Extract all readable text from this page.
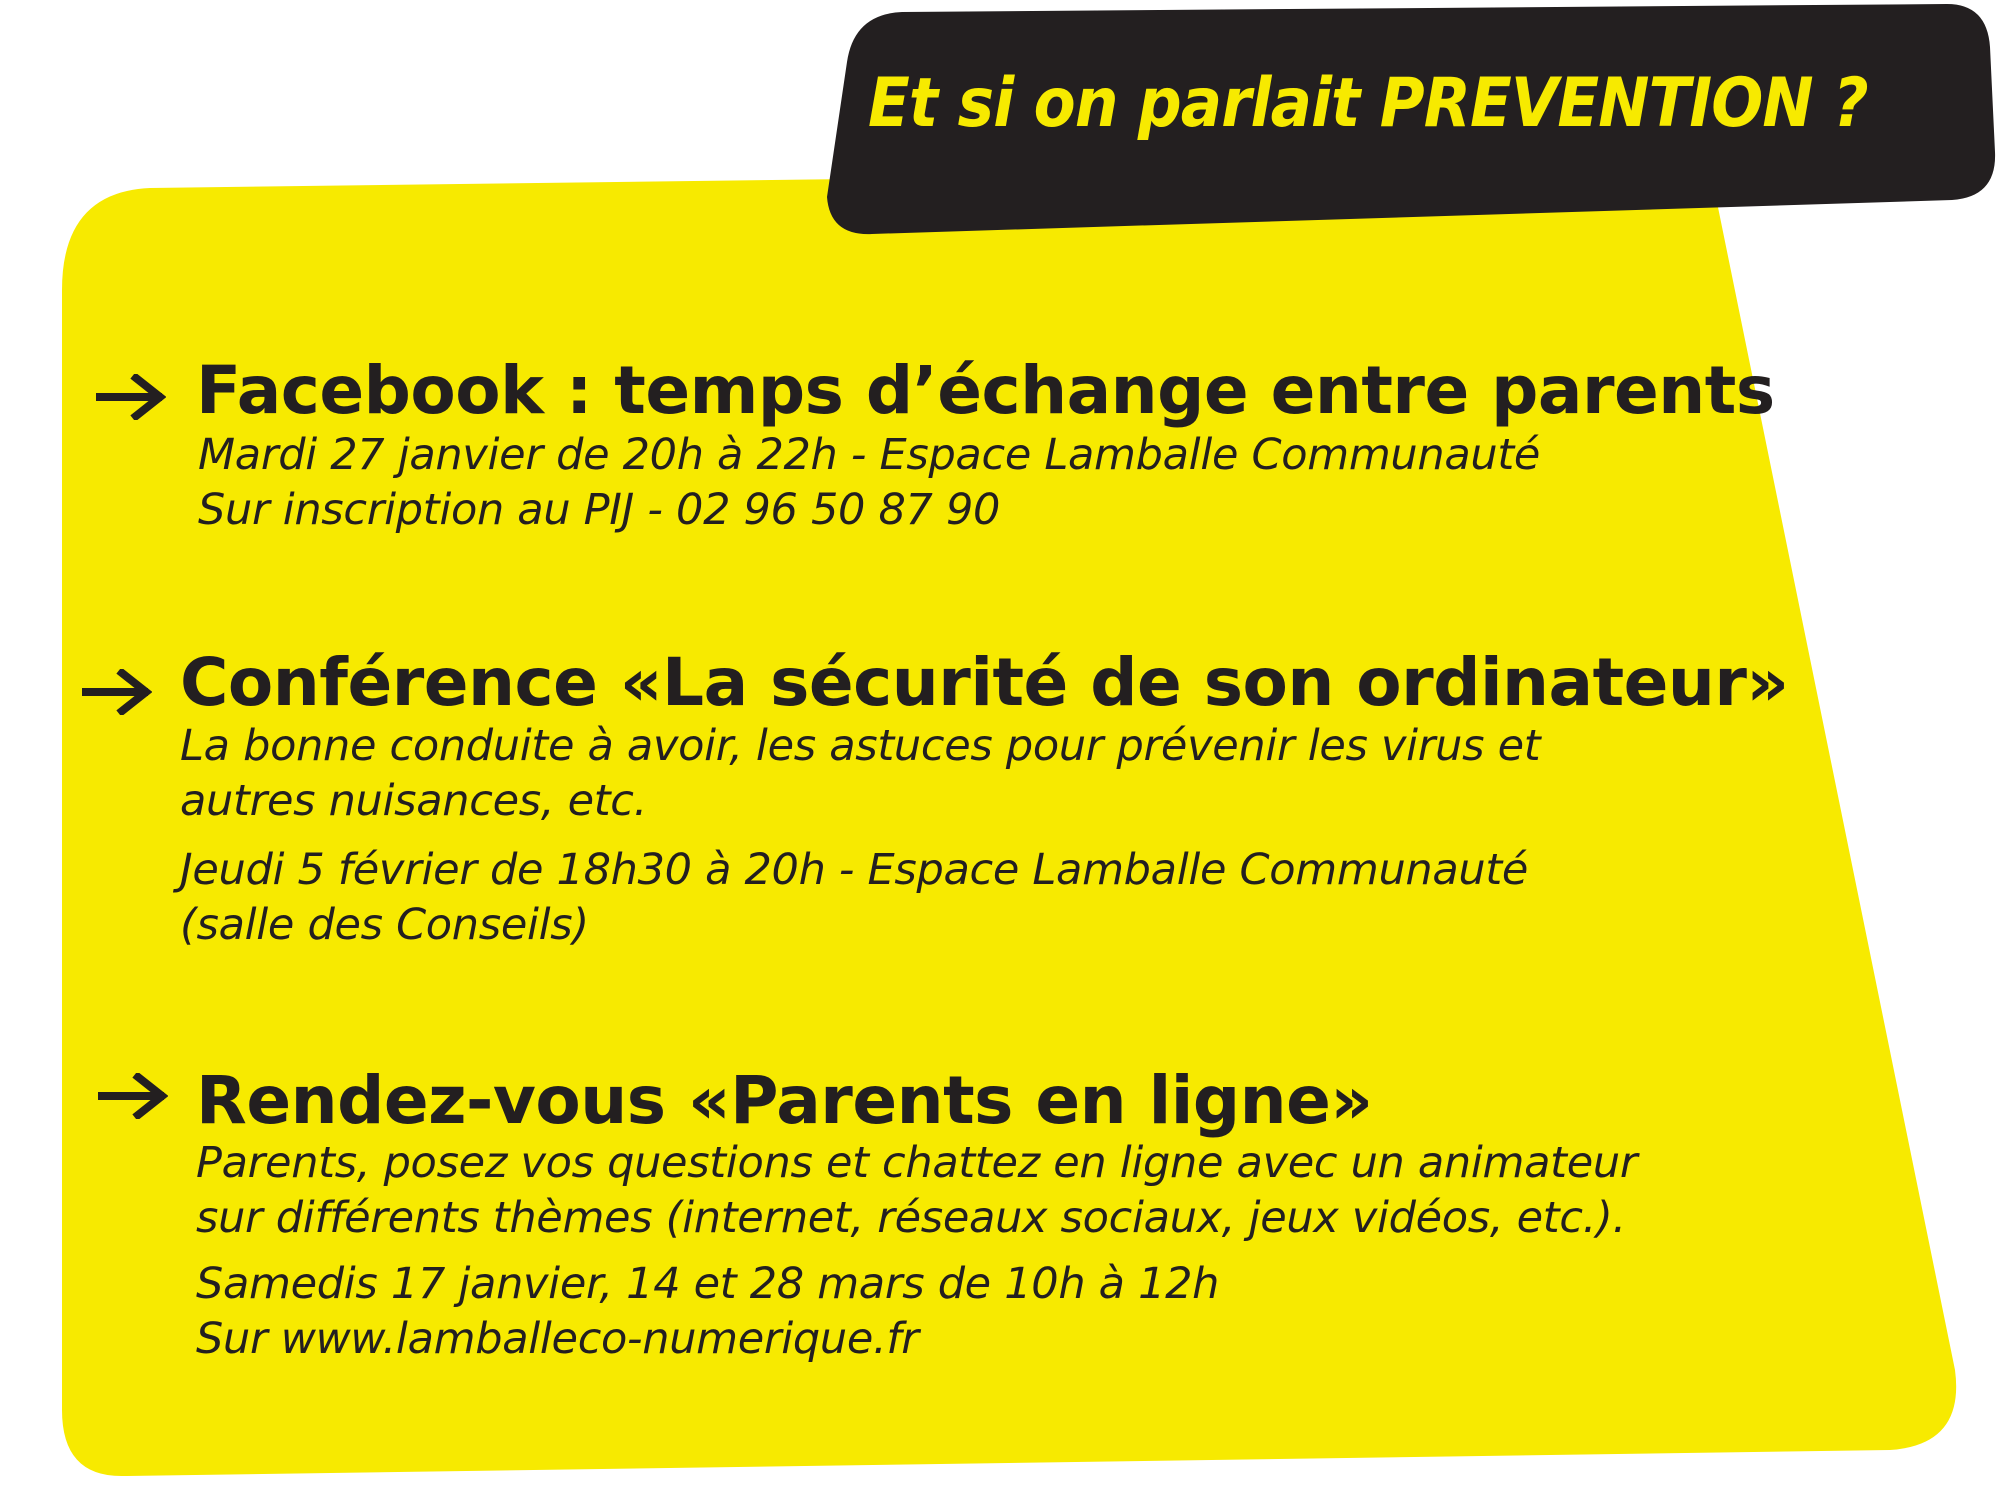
Et si on parlait PREVENTION ?
Facebook : temps d’échange entre parents
Mardi 27 janvier de 20h à 22h - Espace Lamballe Communauté
Sur inscription au PIJ - 02 96 50 87 90
Conférence «La sécurité de son ordinateur»
La bonne conduite à avoir, les astuces pour prévenir les virus et
autres nuisances, etc.
Jeudi 5 février de 18h30 à 20h - Espace Lamballe Communauté
(salle des Conseils)
Rendez-vous «Parents en ligne»
Parents, posez vos questions et chattez en ligne avec un animateur
sur différents thèmes (internet, réseaux sociaux, jeux vidéos, etc.).
Samedis 17 janvier, 14 et 28 mars de 10h à 12h
Sur www.lamballeco-numerique.fr
